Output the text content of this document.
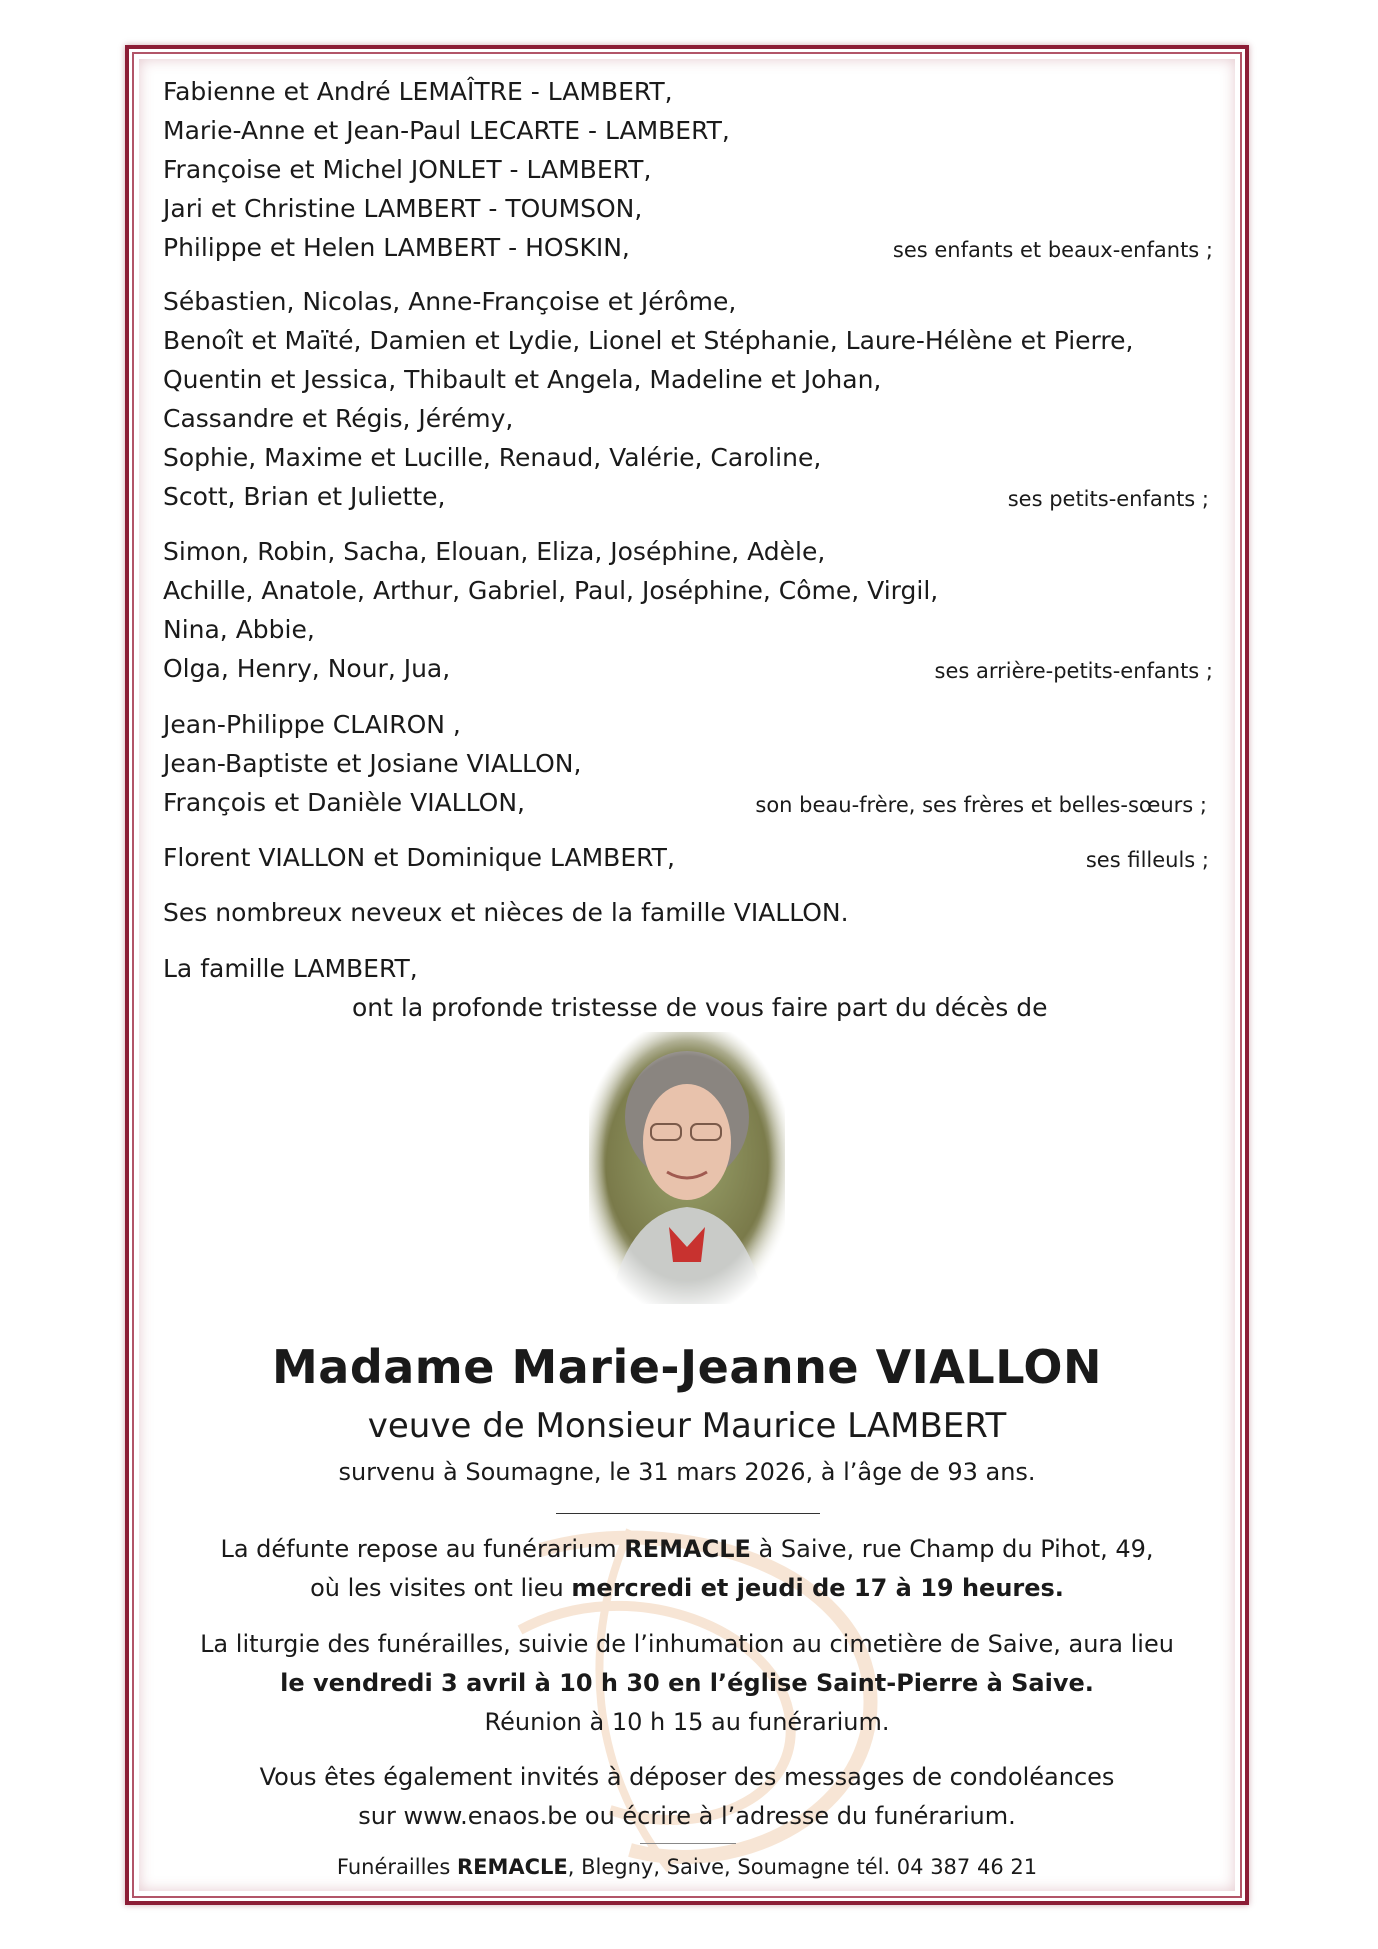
Fabienne et André LEMAÎTRE - LAMBERT,
Marie-Anne et Jean-Paul LECARTE - LAMBERT,
Françoise et Michel JONLET - LAMBERT,
Jari et Christine LAMBERT - TOUMSON,
Philippe et Helen LAMBERT - HOSKIN,	ses enfants et beaux-enfants ;
Sébastien, Nicolas, Anne-Françoise et Jérôme,
Benoît et Maïté, Damien et Lydie, Lionel et Stéphanie, Laure-Hélène et Pierre,
Quentin et Jessica, Thibault et Angela, Madeline et Johan,
Cassandre et Régis, Jérémy,
Sophie, Maxime et Lucille, Renaud, Valérie, Caroline,
Scott, Brian et Juliette,	ses petits-enfants ;
Simon, Robin, Sacha, Elouan, Eliza, Joséphine, Adèle,
Achille, Anatole, Arthur, Gabriel, Paul, Joséphine, Côme, Virgil,
Nina, Abbie,
Olga, Henry, Nour, Jua,	ses arrière-petits-enfants ;
Jean-Philippe CLAIRON ,
Jean-Baptiste et Josiane VIALLON,
François et Danièle VIALLON,	son beau-frère, ses frères et belles-sœurs ;
Florent VIALLON et Dominique LAMBERT,	ses filleuls ;
Ses nombreux neveux et nièces de la famille VIALLON.
La famille LAMBERT,
ont la profonde tristesse de vous faire part du décès de
Madame Marie-Jeanne VIALLON
veuve de Monsieur Maurice LAMBERT
survenu à Soumagne, le 31 mars 2026, à l’âge de 93 ans.
La défunte repose au funérarium REMACLE à Saive, rue Champ du Pihot, 49,
où les visites ont lieu mercredi et jeudi de 17 à 19 heures.
La liturgie des funérailles, suivie de l’inhumation au cimetière de Saive, aura lieu
le vendredi 3 avril à 10 h 30 en l’église Saint-Pierre à Saive.
Réunion à 10 h 15 au funérarium.
Vous êtes également invités à déposer des messages de condoléances
sur www.enaos.be ou écrire à l’adresse du funérarium.
Funérailles REMACLE, Blegny, Saive, Soumagne tél. 04 387 46 21
